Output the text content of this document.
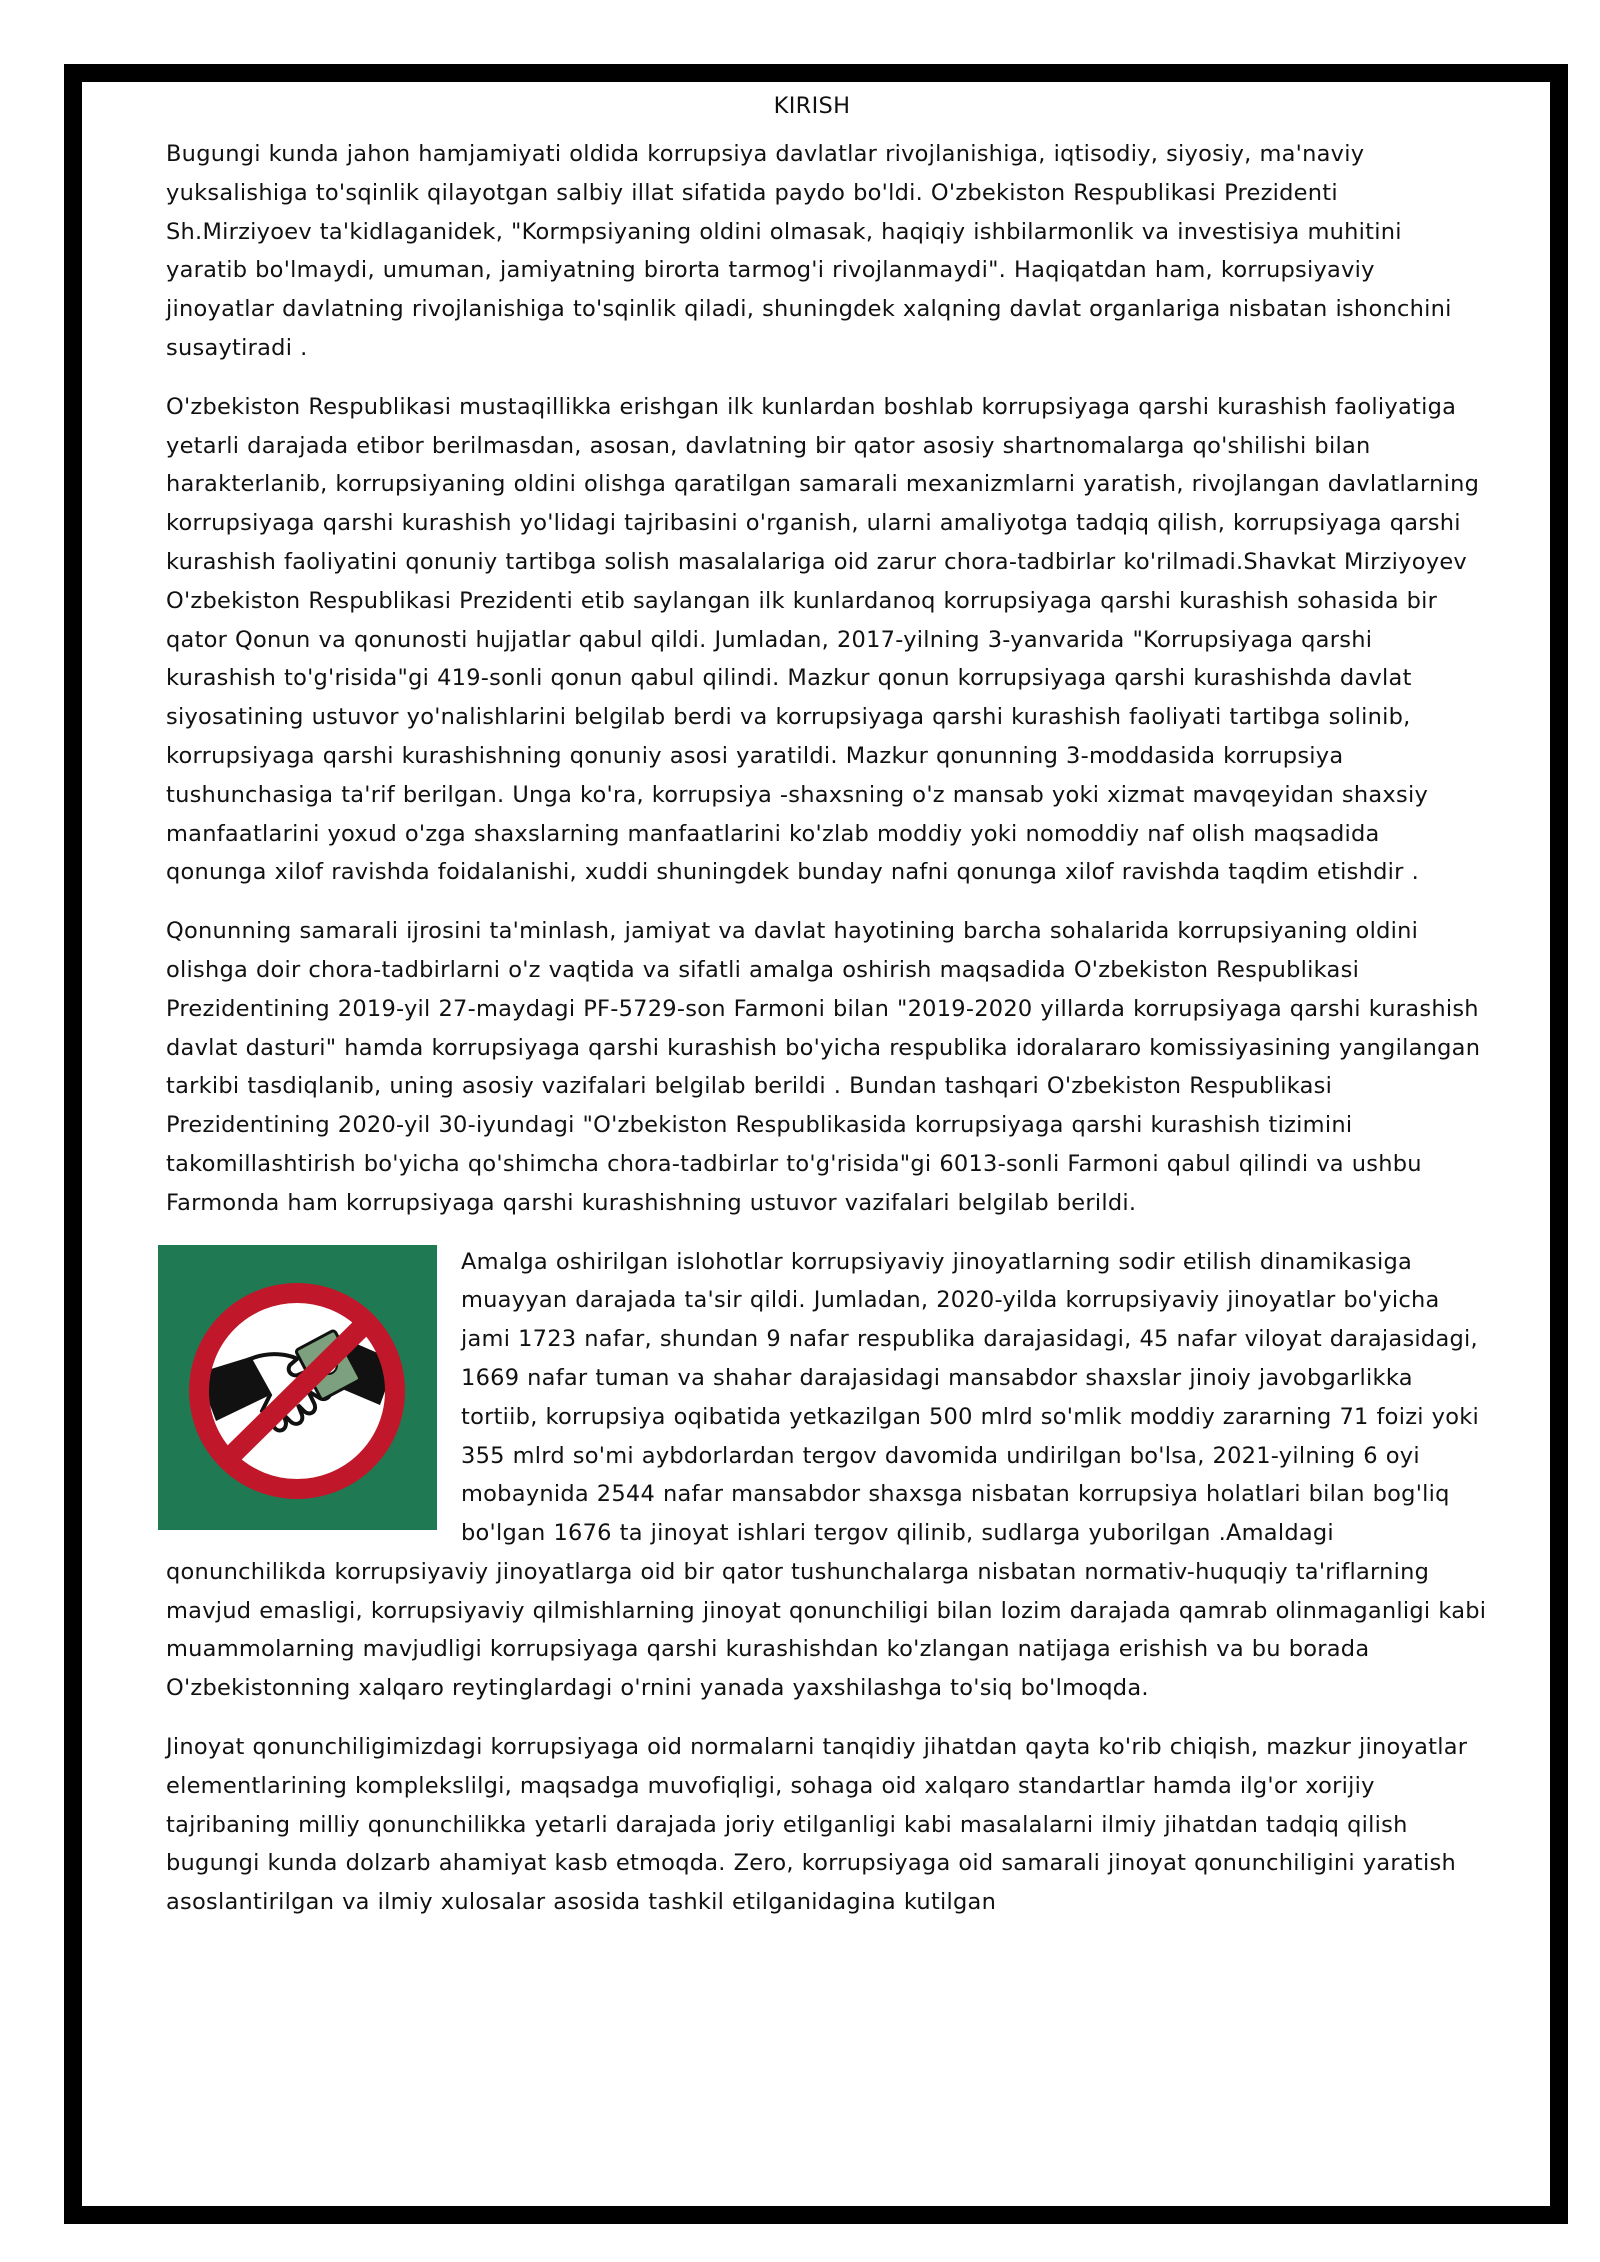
KIRISH

Bugungi kunda jahon hamjamiyati oldida korrupsiya davlatlar rivojlanishiga, iqtisodiy, siyosiy, ma'naviy yuksalishiga to'sqinlik qilayotgan salbiy illat sifatida paydo bo'ldi. O'zbekiston Respublikasi Prezidenti Sh.Mirziyoev ta'kidlaganidek, "Kormpsiyaning oldini olmasak, haqiqiy ishbilarmonlik va investisiya muhitini yaratib bo'lmaydi, umuman, jamiyatning birorta tarmog'i rivojlanmaydi". Haqiqatdan ham, korrupsiyaviy jinoyatlar davlatning rivojlanishiga to'sqinlik qiladi, shuningdek xalqning davlat organlariga nisbatan ishonchini susaytiradi .

O'zbekiston Respublikasi mustaqillikka erishgan ilk kunlardan boshlab korrupsiyaga qarshi kurashish faoliyatiga yetarli darajada etibor berilmasdan, asosan, davlatning bir qator asosiy shartnomalarga qo'shilishi bilan harakterlanib, korrupsiyaning oldini olishga qaratilgan samarali mexanizmlarni yaratish, rivojlangan davlatlarning korrupsiyaga qarshi kurashish yo'lidagi tajribasini o'rganish, ularni amaliyotga tadqiq qilish, korrupsiyaga qarshi kurashish faoliyatini qonuniy tartibga solish masalalariga oid zarur chora-tadbirlar ko'rilmadi.Shavkat Mirziyoyev O'zbekiston Respublikasi Prezidenti etib saylangan ilk kunlardanoq korrupsiyaga qarshi kurashish sohasida bir qator Qonun va qonunosti hujjatlar qabul qildi. Jumladan, 2017-yilning 3-yanvarida "Korrupsiyaga qarshi kurashish to'g'risida"gi 419-sonli qonun qabul qilindi. Mazkur qonun korrupsiyaga qarshi kurashishda davlat siyosatining ustuvor yo'nalishlarini belgilab berdi va korrupsiyaga qarshi kurashish faoliyati tartibga solinib, korrupsiyaga qarshi kurashishning qonuniy asosi yaratildi. Mazkur qonunning 3-moddasida korrupsiya tushunchasiga ta'rif berilgan. Unga ko'ra, korrupsiya -shaxsning o'z mansab yoki xizmat mavqeyidan shaxsiy manfaatlarini yoxud o'zga shaxslarning manfaatlarini ko'zlab moddiy yoki nomoddiy naf olish maqsadida qonunga xilof ravishda foidalanishi, xuddi shuningdek bunday nafni qonunga xilof ravishda taqdim etishdir .

Qonunning samarali ijrosini ta'minlash, jamiyat va davlat hayotining barcha sohalarida korrupsiyaning oldini olishga doir chora-tadbirlarni o'z vaqtida va sifatli amalga oshirish maqsadida O'zbekiston Respublikasi Prezidentining 2019-yil 27-maydagi PF-5729-son Farmoni bilan "2019-2020 yillarda korrupsiyaga qarshi kurashish davlat dasturi" hamda korrupsiyaga qarshi kurashish bo'yicha respublika idoralararo komissiyasining yangilangan tarkibi tasdiqlanib, uning asosiy vazifalari belgilab berildi . Bundan tashqari O'zbekiston Respublikasi Prezidentining 2020-yil 30-iyundagi "O'zbekiston Respublikasida korrupsiyaga qarshi kurashish tizimini takomillashtirish bo'yicha qo'shimcha chora-tadbirlar to'g'risida"gi 6013-sonli Farmoni qabul qilindi va ushbu Farmonda ham korrupsiyaga qarshi kurashishning ustuvor vazifalari belgilab berildi.

Amalga oshirilgan islohotlar korrupsiyaviy jinoyatlarning sodir etilish dinamikasiga muayyan darajada ta'sir qildi. Jumladan, 2020-yilda korrupsiyaviy jinoyatlar bo'yicha jami 1723 nafar, shundan 9 nafar respublika darajasidagi, 45 nafar viloyat darajasidagi, 1669 nafar tuman va shahar darajasidagi mansabdor shaxslar jinoiy javobgarlikka tortiib, korrupsiya oqibatida yetkazilgan 500 mlrd so'mlik moddiy zararning 71 foizi yoki 355 mlrd so'mi aybdorlardan tergov davomida undirilgan bo'lsa, 2021-yilning 6 oyi mobaynida 2544 nafar mansabdor shaxsga nisbatan korrupsiya holatlari bilan bog'liq bo'lgan 1676 ta jinoyat ishlari tergov qilinib, sudlarga yuborilgan .Amaldagi qonunchilikda korrupsiyaviy jinoyatlarga oid bir qator tushunchalarga nisbatan normativ-huquqiy ta'riflarning mavjud emasligi, korrupsiyaviy qilmishlarning jinoyat qonunchiligi bilan lozim darajada qamrab olinmaganligi kabi muammolarning mavjudligi korrupsiyaga qarshi kurashishdan ko'zlangan natijaga erishish va bu borada O'zbekistonning xalqaro reytinglardagi o'rnini yanada yaxshilashga to'siq bo'lmoqda.

Jinoyat qonunchiligimizdagi korrupsiyaga oid normalarni tanqidiy jihatdan qayta ko'rib chiqish, mazkur jinoyatlar elementlarining komplekslilgi, maqsadga muvofiqligi, sohaga oid xalqaro standartlar hamda ilg'or xorijiy tajribaning milliy qonunchilikka yetarli darajada joriy etilganligi kabi masalalarni ilmiy jihatdan tadqiq qilish bugungi kunda dolzarb ahamiyat kasb etmoqda. Zero, korrupsiyaga oid samarali jinoyat qonunchiligini yaratish asoslantirilgan va ilmiy xulosalar asosida tashkil etilganidagina kutilgan
